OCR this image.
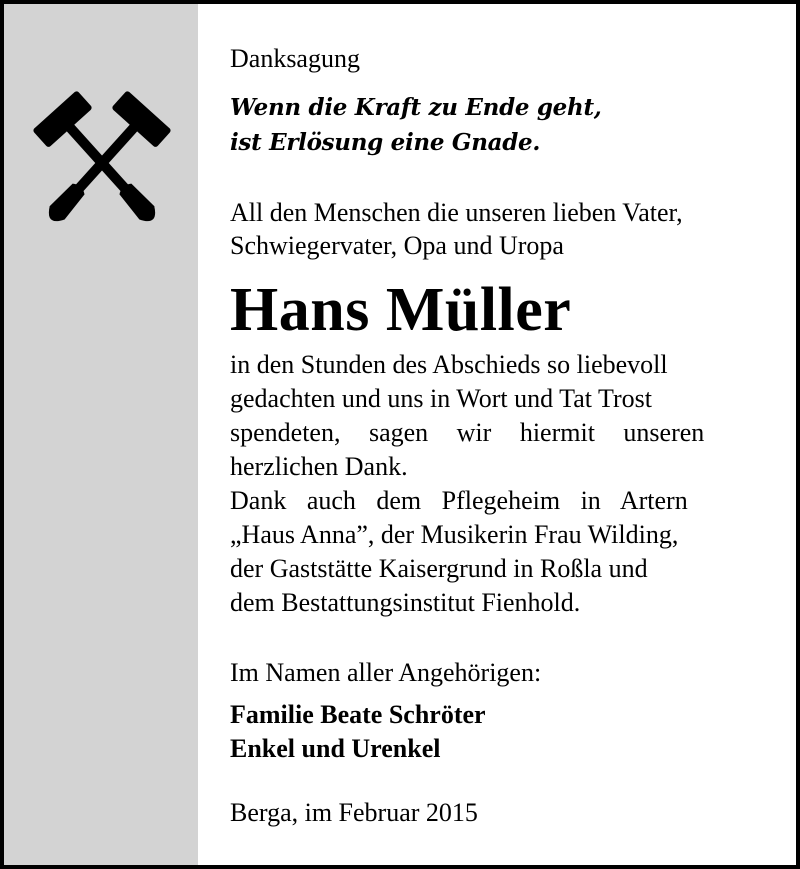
Danksagung

Wenn die Kraft zu Ende geht,
ist Erlösung eine Gnade.
All den Menschen die unseren lieben Vater,
Schwiegervater, Opa und Uropa
Hans Müller
in den Stunden des Abschieds so liebevoll
gedachten und uns in Wort und Tat Trost
spendeten, sagen wir hiermit unseren
herzlichen Dank.
Dank auch dem Pflegeheim in Artern
„Haus Anna”, der Musikerin Frau Wilding,
der Gaststätte Kaisergrund in Roßla und
dem Bestattungsinstitut Fienhold.
Im Namen aller Angehörigen:
Familie Beate Schröter
Enkel und Urenkel
Berga, im Februar 2015
